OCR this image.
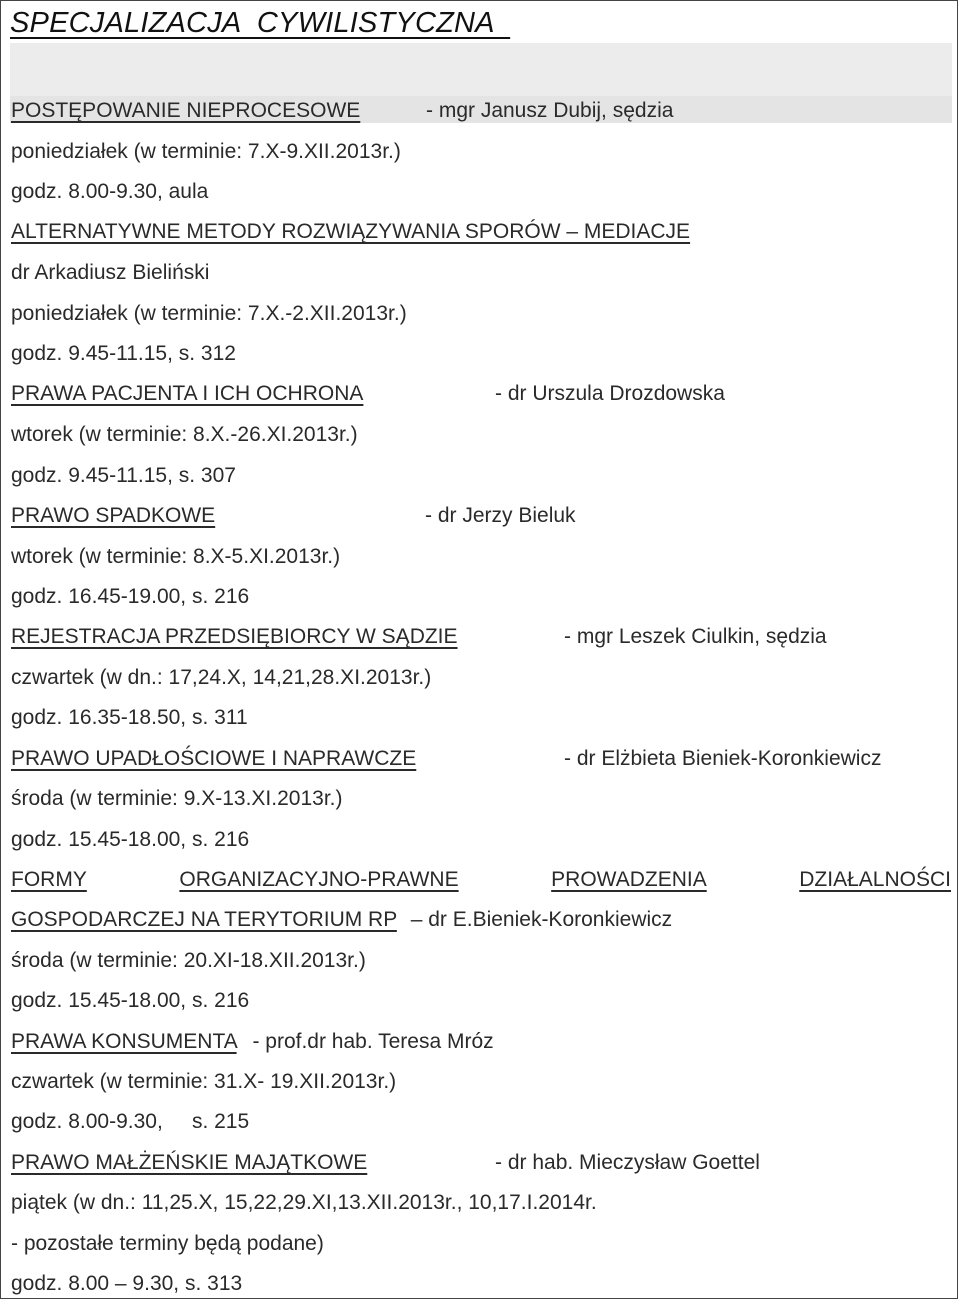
SPECJALIZACJA  CYWILISTYCZNA
POSTĘPOWANIE NIEPROCESOWE	- mgr Janusz Dubij, sędzia
poniedziałek (w terminie: 7.X-9.XII.2013r.)
godz. 8.00-9.30, aula
ALTERNATYWNE METODY ROZWIĄZYWANIA SPORÓW – MEDIACJE
dr Arkadiusz Bieliński
poniedziałek (w terminie: 7.X.-2.XII.2013r.)
godz. 9.45-11.15, s. 312
PRAWA PACJENTA I ICH OCHRONA	- dr Urszula Drozdowska
wtorek (w terminie: 8.X.-26.XI.2013r.)
godz. 9.45-11.15, s. 307
PRAWO SPADKOWE	- dr Jerzy Bieluk
wtorek (w terminie: 8.X-5.XI.2013r.)
godz. 16.45-19.00, s. 216
REJESTRACJA PRZEDSIĘBIORCY W SĄDZIE	- mgr Leszek Ciulkin, sędzia
czwartek (w dn.: 17,24.X, 14,21,28.XI.2013r.)
godz. 16.35-18.50, s. 311
PRAWO UPADŁOŚCIOWE I NAPRAWCZE	- dr Elżbieta Bieniek-Koronkiewicz
środa (w terminie: 9.X-13.XI.2013r.)
godz. 15.45-18.00, s. 216
FORMY	ORGANIZACYJNO-PRAWNE	PROWADZENIA	DZIAŁALNOŚCI
GOSPODARCZEJ NA TERYTORIUM RP – dr E.Bieniek-Koronkiewicz
środa (w terminie: 20.XI-18.XII.2013r.)
godz. 15.45-18.00, s. 216
PRAWA KONSUMENTA - prof.dr hab. Teresa Mróz
czwartek (w terminie: 31.X- 19.XII.2013r.)
godz. 8.00-9.30,     s. 215
PRAWO MAŁŻEŃSKIE MAJĄTKOWE	- dr hab. Mieczysław Goettel
piątek (w dn.: 11,25.X, 15,22,29.XI,13.XII.2013r., 10,17.I.2014r.
- pozostałe terminy będą podane)
godz. 8.00 – 9.30, s. 313
